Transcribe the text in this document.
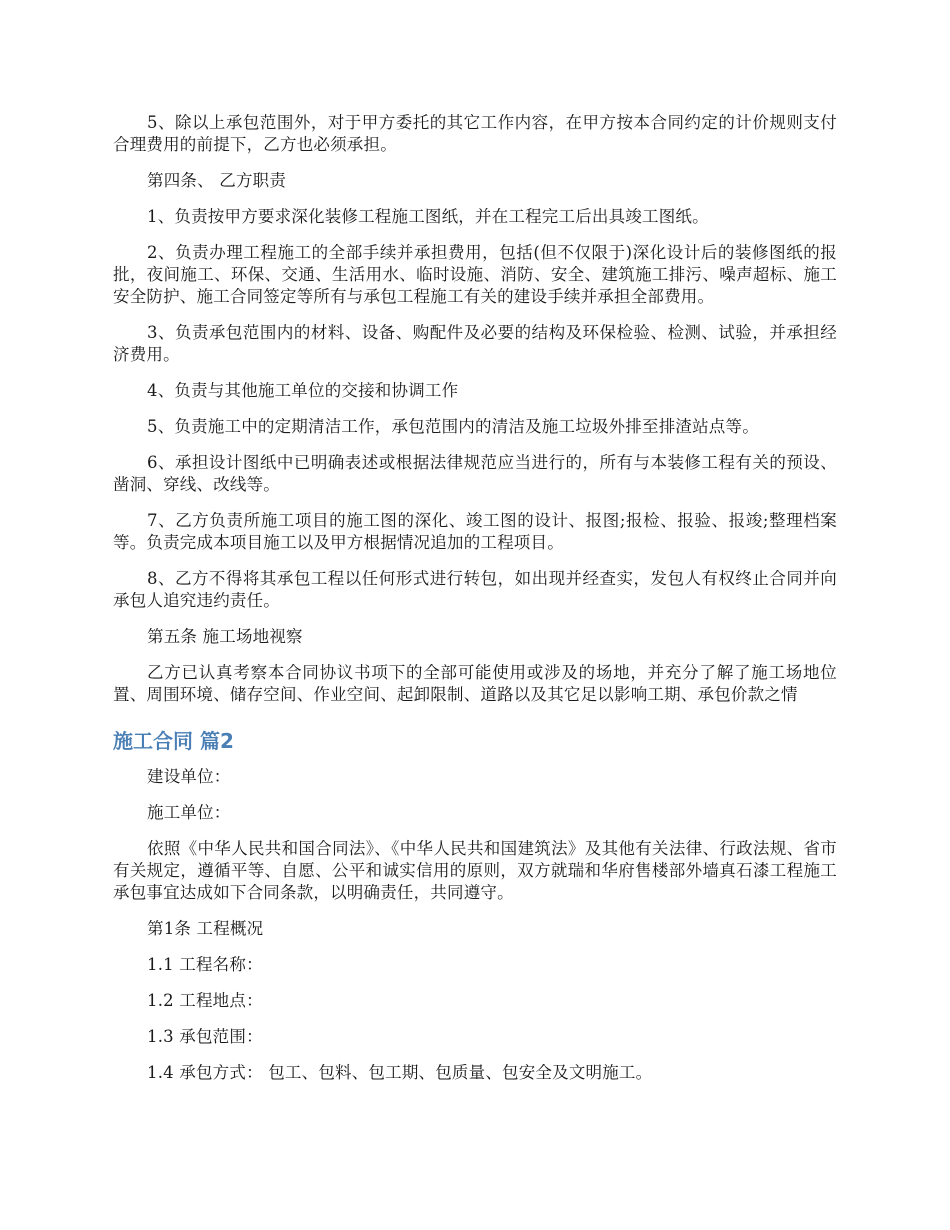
5、除以上承包范围外，对于甲方委托的其它工作内容，在甲方按本合同约定的计价规则支付合理费用的前提下，乙方也必须承担。

第四条、 乙方职责

1、负责按甲方要求深化装修工程施工图纸，并在工程完工后出具竣工图纸。

2、负责办理工程施工的全部手续并承担费用，包括(但不仅限于)深化设计后的装修图纸的报批，夜间施工、环保、交通、生活用水、临时设施、消防、安全、建筑施工排污、噪声超标、施工安全防护、施工合同签定等所有与承包工程施工有关的建设手续并承担全部费用。

3、负责承包范围内的材料、设备、购配件及必要的结构及环保检验、检测、试验，并承担经济费用。

4、负责与其他施工单位的交接和协调工作

5、负责施工中的定期清洁工作，承包范围内的清洁及施工垃圾外排至排渣站点等。

6、承担设计图纸中已明确表述或根据法律规范应当进行的，所有与本装修工程有关的预设、凿洞、穿线、改线等。

7、乙方负责所施工项目的施工图的深化、竣工图的设计、报图;报检、报验、报竣;整理档案等。负责完成本项目施工以及甲方根据情况追加的工程项目。

8、乙方不得将其承包工程以任何形式进行转包，如出现并经查实，发包人有权终止合同并向承包人追究违约责任。

第五条 施工场地视察

乙方已认真考察本合同协议书项下的全部可能使用或涉及的场地，并充分了解了施工场地位置、周围环境、储存空间、作业空间、起卸限制、道路以及其它足以影响工期、承包价款之情

施工合同 篇2

建设单位：

施工单位：

依照《中华人民共和国合同法》、《中华人民共和国建筑法》及其他有关法律、行政法规、省市有关规定，遵循平等、自愿、公平和诚实信用的原则，双方就瑞和华府售楼部外墙真石漆工程施工承包事宜达成如下合同条款，以明确责任，共同遵守。

第1条 工程概况

1.1 工程名称：

1.2 工程地点：

1.3 承包范围：

1.4 承包方式： 包工、包料、包工期、包质量、包安全及文明施工。
